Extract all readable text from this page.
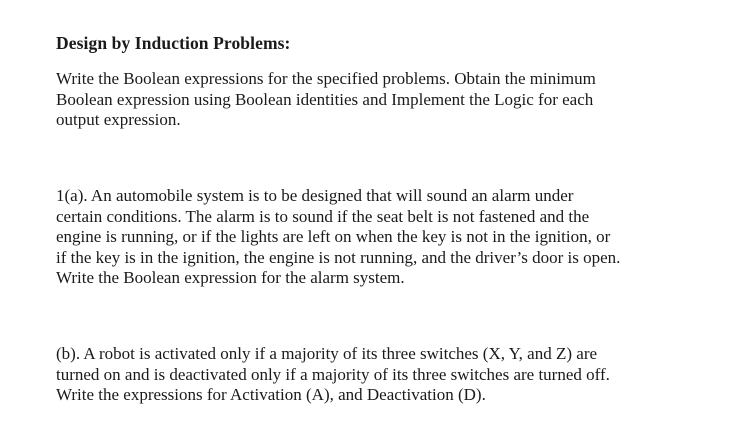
Design by Induction Problems:
Write the Boolean expressions for the specified problems. Obtain the minimum
Boolean expression using Boolean identities and Implement the Logic for each
output expression.
1(a). An automobile system is to be designed that will sound an alarm under
certain conditions. The alarm is to sound if the seat belt is not fastened and the
engine is running, or if the lights are left on when the key is not in the ignition, or
if the key is in the ignition, the engine is not running, and the driver’s door is open.
Write the Boolean expression for the alarm system.
(b). A robot is activated only if a majority of its three switches (X, Y, and Z) are
turned on and is deactivated only if a majority of its three switches are turned off.
Write the expressions for Activation (A), and Deactivation (D).
